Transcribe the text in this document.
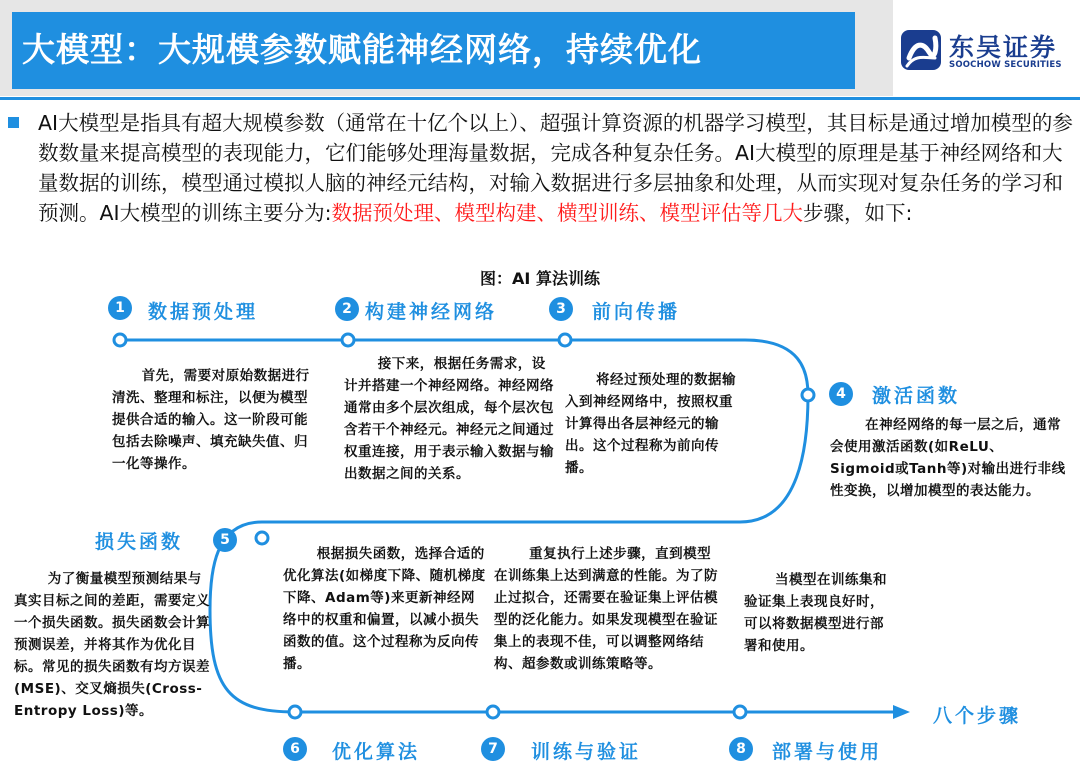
大模型：大规模参数赋能神经网络，持续优化	东吴证券
SOOCHOW SECURITIES
AI大模型是指具有超大规模参数（通常在十亿个以上）、超强计算资源的机器学习模型，其目标是通过增加模型的参数数量来提高模型的表现能力，它们能够处理海量数据，完成各种复杂任务。AI大模型的原理是基于神经网络和大量数据的训练，模型通过模拟人脑的神经元结构，对输入数据进行多层抽象和处理，从而实现对复杂任务的学习和预测。AI大模型的训练主要分为:数据预处理、模型构建、横型训练、模型评估等几大步骤，如下:
图：AI 算法训练
1	数据预处理
首先，需要对原始数据进行清洗、整理和标注，以便为模型提供合适的输入。这一阶段可能包括去除噪声、填充缺失值、归一化等操作。
2 构建神经网络
接下来，根据任务需求，设计并搭建一个神经网络。神经网络通常由多个层次组成，每个层次包含若干个神经元。神经元之间通过权重连接，用于表示输入数据与输出数据之间的关系。
3	前向传播
将经过预处理的数据输入到神经网络中，按照权重计算得出各层神经元的输出。这个过程称为前向传播。
4	激活函数
在神经网络的每一层之后，通常会使用激活函数(如ReLU、Sigmoid或Tanh等)对输出进行非线性变换，以增加模型的表达能力。
损失函数	5
为了衡量模型预测结果与真实目标之间的差距，需要定义一个损失函数。损失函数会计算预测误差，并将其作为优化目标。常见的损失函数有均方误差(MSE)、交叉熵损失(Cross-Entropy Loss)等。
根据损失函数，选择合适的优化算法(如梯度下降、随机梯度下降、Adam等)来更新神经网络中的权重和偏置，以减小损失函数的值。这个过程称为反向传播。
6	优化算法
重复执行上述步骤，直到模型在训练集上达到满意的性能。为了防止过拟合，还需要在验证集上评估模型的泛化能力。如果发现模型在验证集上的表现不佳，可以调整网络结构、超参数或训练策略等。
7	训练与验证
当模型在训练集和验证集上表现良好时，可以将数据模型进行部署和使用。
8	部署与使用
八个步骤
